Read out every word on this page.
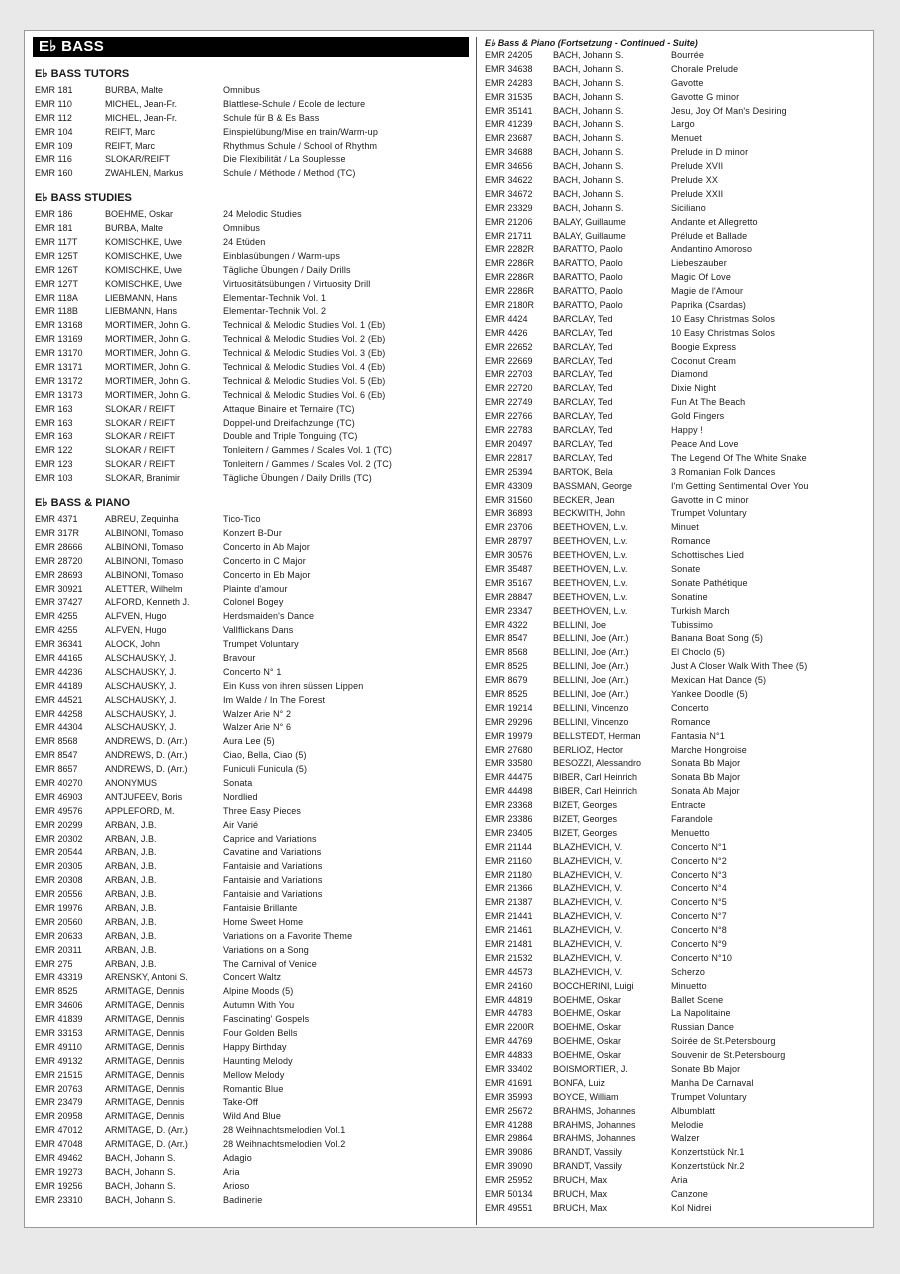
E♭ BASS
E♭ BASS TUTORS
EMR 181	BURBA, Malte	Omnibus
EMR 110	MICHEL, Jean-Fr.	Blattlese-Schule / Ecole de lecture
EMR 112	MICHEL, Jean-Fr.	Schule für B & Es Bass
EMR 104	REIFT, Marc	Einspielübung/Mise en train/Warm-up
EMR 109	REIFT, Marc	Rhythmus Schule / School of Rhythm
EMR 116	SLOKAR/REIFT	Die Flexibilität / La Souplesse
EMR 160	ZWAHLEN, Markus	Schule / Méthode / Method (TC)
E♭ BASS STUDIES
EMR 186	BOEHME, Oskar	24 Melodic Studies
EMR 181	BURBA, Malte	Omnibus
EMR 117T	KOMISCHKE, Uwe	24 Etüden
EMR 125T	KOMISCHKE, Uwe	Einblasübungen / Warm-ups
EMR 126T	KOMISCHKE, Uwe	Tägliche Übungen / Daily Drills
EMR 127T	KOMISCHKE, Uwe	Virtuositätsübungen / Virtuosity Drill
EMR 118A	LIEBMANN, Hans	Elementar-Technik Vol. 1
EMR 118B	LIEBMANN, Hans	Elementar-Technik Vol. 2
EMR 13168	MORTIMER, John G.	Technical & Melodic Studies Vol. 1 (Eb)
EMR 13169	MORTIMER, John G.	Technical & Melodic Studies Vol. 2 (Eb)
EMR 13170	MORTIMER, John G.	Technical & Melodic Studies Vol. 3 (Eb)
EMR 13171	MORTIMER, John G.	Technical & Melodic Studies Vol. 4 (Eb)
EMR 13172	MORTIMER, John G.	Technical & Melodic Studies Vol. 5 (Eb)
EMR 13173	MORTIMER, John G.	Technical & Melodic Studies Vol. 6 (Eb)
EMR 163	SLOKAR / REIFT	Attaque Binaire et Ternaire (TC)
EMR 163	SLOKAR / REIFT	Doppel-und Dreifachzunge (TC)
EMR 163	SLOKAR / REIFT	Double and Triple Tonguing (TC)
EMR 122	SLOKAR / REIFT	Tonleitern / Gammes / Scales Vol. 1 (TC)
EMR 123	SLOKAR / REIFT	Tonleitern / Gammes / Scales Vol. 2 (TC)
EMR 103	SLOKAR, Branimir	Tägliche Übungen / Daily Drills (TC)
E♭ BASS & PIANO
EMR 4371	ABREU, Zequinha	Tico-Tico
EMR 317R	ALBINONI, Tomaso	Konzert B-Dur
EMR 28666	ALBINONI, Tomaso	Concerto in Ab Major
EMR 28720	ALBINONI, Tomaso	Concerto in C Major
EMR 28693	ALBINONI, Tomaso	Concerto in Eb Major
EMR 30921	ALETTER, Wilhelm	Plainte d'amour
EMR 37427	ALFORD, Kenneth J.	Colonel Bogey
EMR 4255	ALFVEN, Hugo	Herdsmaiden's Dance
EMR 4255	ALFVEN, Hugo	Vallflickans Dans
EMR 36341	ALOCK, John	Trumpet Voluntary
EMR 44165	ALSCHAUSKY, J.	Bravour
EMR 44236	ALSCHAUSKY, J.	Concerto N° 1
EMR 44189	ALSCHAUSKY, J.	Ein Kuss von ihren süssen Lippen
EMR 44521	ALSCHAUSKY, J.	Im Walde / In The Forest
EMR 44258	ALSCHAUSKY, J.	Walzer Arie N° 2
EMR 44304	ALSCHAUSKY, J.	Walzer Arie N° 6
EMR 8568	ANDREWS, D. (Arr.)	Aura Lee (5)
EMR 8547	ANDREWS, D. (Arr.)	Ciao, Bella, Ciao (5)
EMR 8657	ANDREWS, D. (Arr.)	Funiculi Funicula (5)
EMR 40270	ANONYMUS	Sonata
EMR 46903	ANTJUFEEV, Boris	Nordlied
EMR 49576	APPLEFORD, M.	Three Easy Pieces
EMR 20299	ARBAN, J.B.	Air Varié
EMR 20302	ARBAN, J.B.	Caprice and Variations
EMR 20544	ARBAN, J.B.	Cavatine and Variations
EMR 20305	ARBAN, J.B.	Fantaisie and Variations
EMR 20308	ARBAN, J.B.	Fantaisie and Variations
EMR 20556	ARBAN, J.B.	Fantaisie and Variations
EMR 19976	ARBAN, J.B.	Fantaisie Brillante
EMR 20560	ARBAN, J.B.	Home Sweet Home
EMR 20633	ARBAN, J.B.	Variations on a Favorite Theme
EMR 20311	ARBAN, J.B.	Variations on a Song
EMR 275	ARBAN, J.B.	The Carnival of Venice
EMR 43319	ARENSKY, Antoni S.	Concert Waltz
EMR 8525	ARMITAGE, Dennis	Alpine Moods (5)
EMR 34606	ARMITAGE, Dennis	Autumn With You
EMR 41839	ARMITAGE, Dennis	Fascinating' Gospels
EMR 33153	ARMITAGE, Dennis	Four Golden Bells
EMR 49110	ARMITAGE, Dennis	Happy Birthday
EMR 49132	ARMITAGE, Dennis	Haunting Melody
EMR 21515	ARMITAGE, Dennis	Mellow Melody
EMR 20763	ARMITAGE, Dennis	Romantic Blue
EMR 23479	ARMITAGE, Dennis	Take-Off
EMR 20958	ARMITAGE, Dennis	Wild And Blue
EMR 47012	ARMITAGE, D. (Arr.)	28 Weihnachtsmelodien Vol.1
EMR 47048	ARMITAGE, D. (Arr.)	28 Weihnachtsmelodien Vol.2
EMR 49462	BACH, Johann S.	Adagio
EMR 19273	BACH, Johann S.	Aria
EMR 19256	BACH, Johann S.	Arioso
EMR 23310	BACH, Johann S.	Badinerie
E♭ Bass & Piano (Fortsetzung - Continued - Suite)
EMR 24205	BACH, Johann S.	Bourrée
EMR 34638	BACH, Johann S.	Chorale Prelude
EMR 24283	BACH, Johann S.	Gavotte
EMR 31535	BACH, Johann S.	Gavotte G minor
EMR 35141	BACH, Johann S.	Jesu, Joy Of Man's Desiring
EMR 41239	BACH, Johann S.	Largo
EMR 23687	BACH, Johann S.	Menuet
EMR 34688	BACH, Johann S.	Prelude in D minor
EMR 34656	BACH, Johann S.	Prelude XVII
EMR 34622	BACH, Johann S.	Prelude XX
EMR 34672	BACH, Johann S.	Prelude XXII
EMR 23329	BACH, Johann S.	Siciliano
EMR 21206	BALAY, Guillaume	Andante et Allegretto
EMR 21711	BALAY, Guillaume	Prélude et Ballade
EMR 2282R	BARATTO, Paolo	Andantino Amoroso
EMR 2286R	BARATTO, Paolo	Liebeszauber
EMR 2286R	BARATTO, Paolo	Magic Of Love
EMR 2286R	BARATTO, Paolo	Magie de l'Amour
EMR 2180R	BARATTO, Paolo	Paprika (Csardas)
EMR 4424	BARCLAY, Ted	10 Easy Christmas Solos
EMR 4426	BARCLAY, Ted	10 Easy Christmas Solos
EMR 22652	BARCLAY, Ted	Boogie Express
EMR 22669	BARCLAY, Ted	Coconut Cream
EMR 22703	BARCLAY, Ted	Diamond
EMR 22720	BARCLAY, Ted	Dixie Night
EMR 22749	BARCLAY, Ted	Fun At The Beach
EMR 22766	BARCLAY, Ted	Gold Fingers
EMR 22783	BARCLAY, Ted	Happy !
EMR 20497	BARCLAY, Ted	Peace And Love
EMR 22817	BARCLAY, Ted	The Legend Of The White Snake
EMR 25394	BARTOK, Bela	3 Romanian Folk Dances
EMR 43309	BASSMAN, George	I'm Getting Sentimental Over You
EMR 31560	BECKER, Jean	Gavotte in C minor
EMR 36893	BECKWITH, John	Trumpet Voluntary
EMR 23706	BEETHOVEN, L.v.	Minuet
EMR 28797	BEETHOVEN, L.v.	Romance
EMR 30576	BEETHOVEN, L.v.	Schottisches Lied
EMR 35487	BEETHOVEN, L.v.	Sonate
EMR 35167	BEETHOVEN, L.v.	Sonate Pathétique
EMR 28847	BEETHOVEN, L.v.	Sonatine
EMR 23347	BEETHOVEN, L.v.	Turkish March
EMR 4322	BELLINI, Joe	Tubissimo
EMR 8547	BELLINI, Joe (Arr.)	Banana Boat Song (5)
EMR 8568	BELLINI, Joe (Arr.)	El Choclo (5)
EMR 8525	BELLINI, Joe (Arr.)	Just A Closer Walk With Thee (5)
EMR 8679	BELLINI, Joe (Arr.)	Mexican Hat Dance (5)
EMR 8525	BELLINI, Joe (Arr.)	Yankee Doodle (5)
EMR 19214	BELLINI, Vincenzo	Concerto
EMR 29296	BELLINI, Vincenzo	Romance
EMR 19979	BELLSTEDT, Herman	Fantasia N°1
EMR 27680	BERLIOZ, Hector	Marche Hongroise
EMR 33580	BESOZZI, Alessandro	Sonata Bb Major
EMR 44475	BIBER, Carl Heinrich	Sonata Bb Major
EMR 44498	BIBER, Carl Heinrich	Sonata Ab Major
EMR 23368	BIZET, Georges	Entracte
EMR 23386	BIZET, Georges	Farandole
EMR 23405	BIZET, Georges	Menuetto
EMR 21144	BLAZHEVICH, V.	Concerto N°1
EMR 21160	BLAZHEVICH, V.	Concerto N°2
EMR 21180	BLAZHEVICH, V.	Concerto N°3
EMR 21366	BLAZHEVICH, V.	Concerto N°4
EMR 21387	BLAZHEVICH, V.	Concerto N°5
EMR 21441	BLAZHEVICH, V.	Concerto N°7
EMR 21461	BLAZHEVICH, V.	Concerto N°8
EMR 21481	BLAZHEVICH, V.	Concerto N°9
EMR 21532	BLAZHEVICH, V.	Concerto N°10
EMR 44573	BLAZHEVICH, V.	Scherzo
EMR 24160	BOCCHERINI, Luigi	Minuetto
EMR 44819	BOEHME, Oskar	Ballet Scene
EMR 44783	BOEHME, Oskar	La Napolitaine
EMR 2200R	BOEHME, Oskar	Russian Dance
EMR 44769	BOEHME, Oskar	Soirée de St.Petersbourg
EMR 44833	BOEHME, Oskar	Souvenir de St.Petersbourg
EMR 33402	BOISMORTIER, J.	Sonate Bb Major
EMR 41691	BONFA, Luiz	Manha De Carnaval
EMR 35993	BOYCE, William	Trumpet Voluntary
EMR 25672	BRAHMS, Johannes	Albumblatt
EMR 41288	BRAHMS, Johannes	Melodie
EMR 29864	BRAHMS, Johannes	Walzer
EMR 39086	BRANDT, Vassily	Konzertstück Nr.1
EMR 39090	BRANDT, Vassily	Konzertstück Nr.2
EMR 25952	BRUCH, Max	Aria
EMR 50134	BRUCH, Max	Canzone
EMR 49551	BRUCH, Max	Kol Nidrei
